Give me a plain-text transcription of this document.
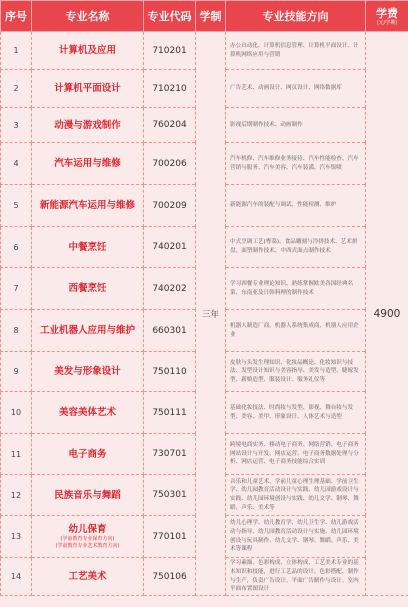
序号	专业名称	专业代码	学制	专业技能方向	学费
(元/学期)

1	计算机及应用	710201	三年	办公自动化、计算机信息管理、计算机平面设计、计算机网络应用与营销	4900
2	计算机平面设计	710210		广告艺术、动画设计、网页设计、网络数据库	
3	动漫与游戏制作	760204		影视后期制作技术、动画制作	
4	汽车运用与维修	700206		汽车机修、汽车维修业务接待、汽车性能检查、汽车营销与服务、汽车美容、汽车装潢、汽车钣喷	
5	新能源汽车运用与维修	700209		新能源汽车的装配与调试、性能检测、维护	
6	中餐烹饪	740201		中式烹调工艺(粤菜)、食品雕刻与冷拼技术、艺术拼盘、面塑制作技术、中西式面点制作技术	
7	西餐烹饪	740202		学习西餐专业理论知识、熟练掌握欧美各国经典名菜、东南亚及日韩料理的制作技术	
8	工业机器人应用与维护	660301		机器人制造厂商、机器人系统集成商、机器人应用企业	
9	美发与形象设计	750110		皮肤与头发生理知识、化妆品概论、化妆知识与技法、发型设计知识与美容指导、美发与造型、睫嫁发型、新娘造型、服装设计、服务礼仪等	
10	美容美体艺术	750111		基础化妆技法、时尚妆与发型、影视、舞台妆与发型、美容、美甲、形象设计、人体艺术与造型	
11	电子商务	730701		跨境电商实务、移动电子商务、网络营销、电子商务网站设计与开发、网店运营、电子商务数据处理与分析、网店运营、电子商务技能综合实训	
12	民族音乐与舞蹈	750301		音乐和儿童艺术、学前儿童心理生理基础、学前卫生学、幼儿园教育活动设计与实践、幼儿园游戏设计与实践、幼儿园环境创设与实践、幼儿文学、钢琴、舞蹈、声乐、美术等	
13	幼儿保育
(学前教育专业保育方向)
(学前教育专业艺术教育方向)	770101		幼儿心理学、幼儿教育学、幼儿卫生学、幼儿游戏活动与指导、幼儿园教育活动设计与实施、幼儿园环境创设与玩具制作、幼儿文学、钢琴、舞蹈、声乐、美术等课程	
14	工艺美术	750106		学习素描、色彩构成、立体构成、工艺美术专业的基本知识和技能，进行工艺品的设计、色彩搭配、制作与生产，负责广告设计、平面广告制作与设计、室内平面布置图设计	
